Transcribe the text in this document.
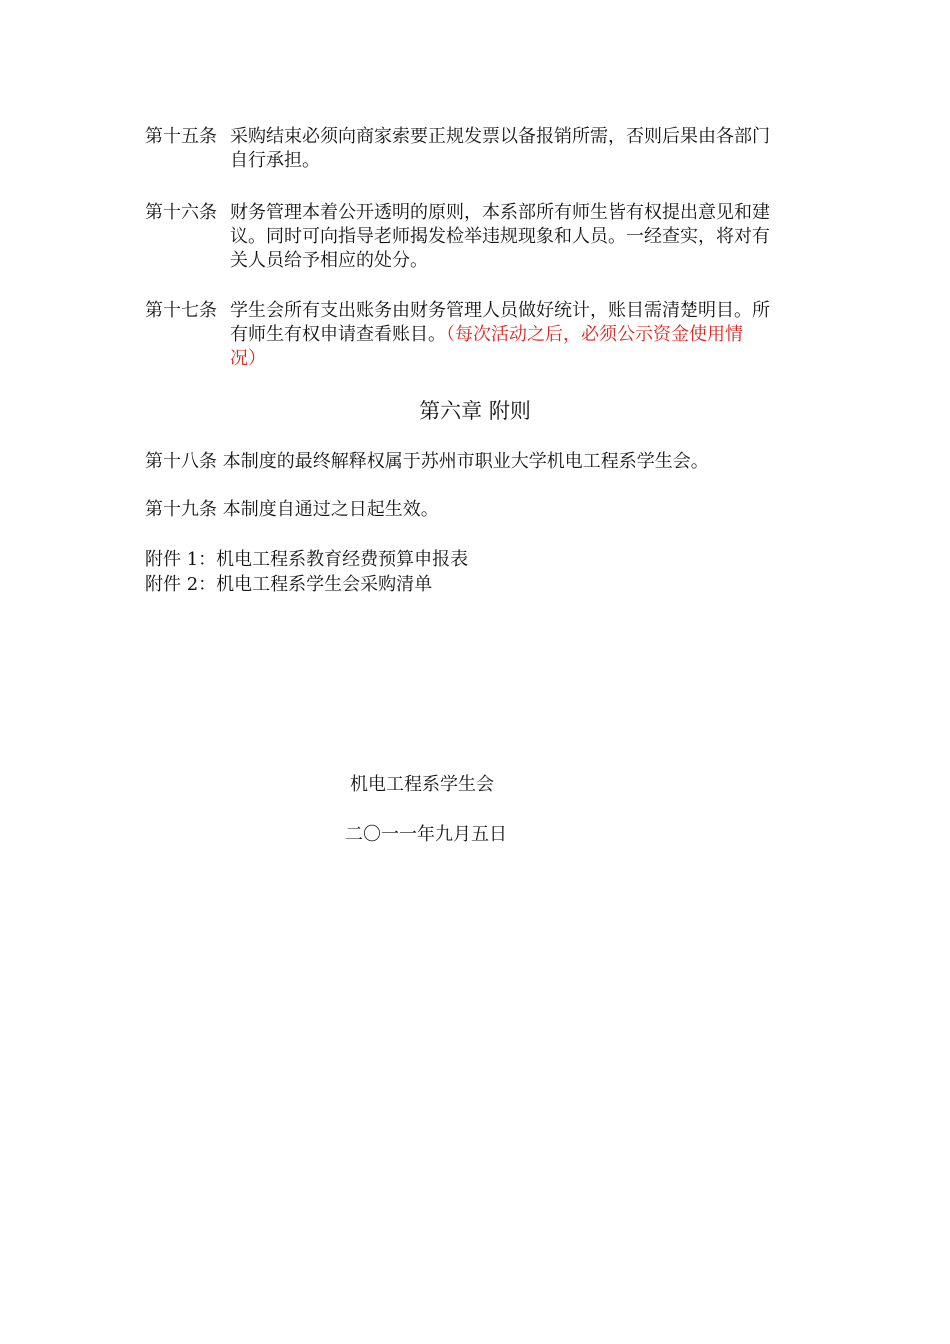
第十五条 采购结束必须向商家索要正规发票以备报销所需，否则后果由各部门
自行承担。
第十六条 财务管理本着公开透明的原则，本系部所有师生皆有权提出意见和建
议。同时可向指导老师揭发检举违规现象和人员。一经查实，将对有
关人员给予相应的处分。
第十七条 学生会所有支出账务由财务管理人员做好统计，账目需清楚明目。所
有师生有权申请查看账目。（每次活动之后，必须公示资金使用情
况）
第六章 附则
第十八条 本制度的最终解释权属于苏州市职业大学机电工程系学生会。
第十九条 本制度自通过之日起生效。
附件 1：机电工程系教育经费预算申报表
附件 2：机电工程系学生会采购清单
机电工程系学生会
二〇一一年九月五日
